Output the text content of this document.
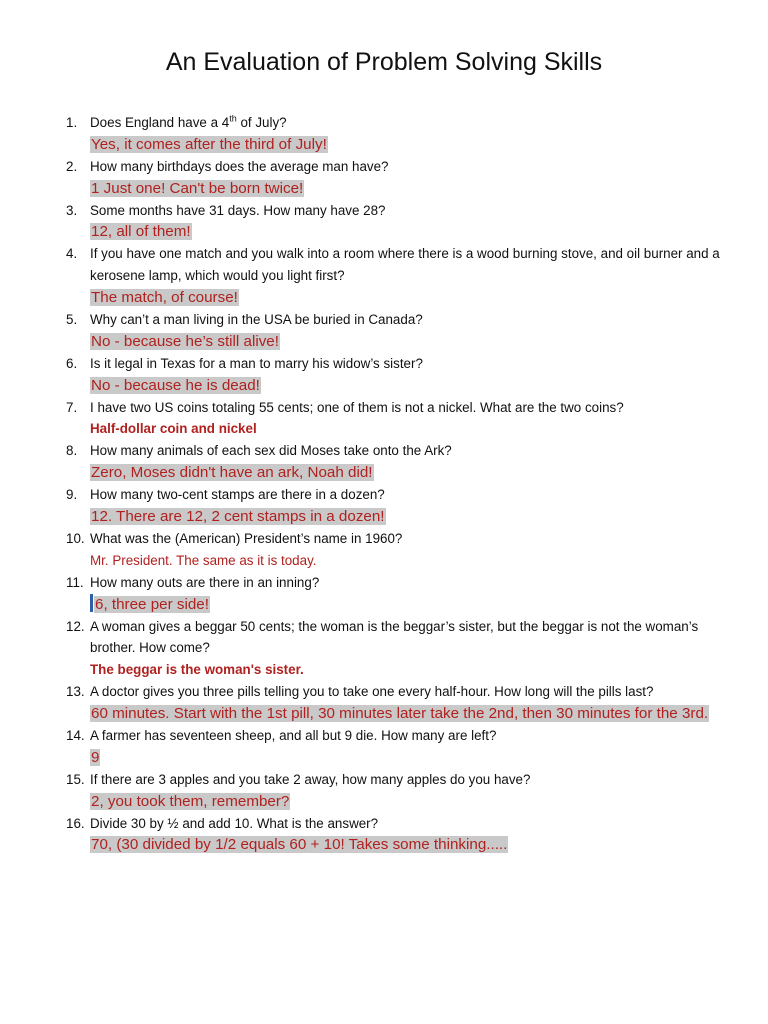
An Evaluation of Problem Solving Skills
1. Does England have a 4th of July?
Yes, it comes after the third of July!
2. How many birthdays does the average man have?
1 Just one! Can't be born twice!
3. Some months have 31 days. How many have 28?
12, all of them!
4. If you have one match and you walk into a room where there is a wood burning stove, and oil burner and a kerosene lamp, which would you light first?
The match, of course!
5. Why can’t a man living in the USA be buried in Canada?
No - because he’s still alive!
6. Is it legal in Texas for a man to marry his widow’s sister?
No - because he is dead!
7. I have two US coins totaling 55 cents; one of them is not a nickel. What are the two coins?
Half-dollar coin and nickel
8. How many animals of each sex did Moses take onto the Ark?
Zero, Moses didn't have an ark, Noah did!
9. How many two-cent stamps are there in a dozen?
12. There are 12, 2 cent stamps in a dozen!
10. What was the (American) President’s name in 1960?
Mr. President. The same as it is today.
11. How many outs are there in an inning?
6, three per side!
12. A woman gives a beggar 50 cents; the woman is the beggar’s sister, but the beggar is not the woman’s brother. How come?
The beggar is the woman's sister.
13. A doctor gives you three pills telling you to take one every half-hour. How long will the pills last?
60 minutes. Start with the 1st pill, 30 minutes later take the 2nd, then 30 minutes for the 3rd.
14. A farmer has seventeen sheep, and all but 9 die. How many are left?
9
15. If there are 3 apples and you take 2 away, how many apples do you have?
2, you took them, remember?
16. Divide 30 by ½ and add 10. What is the answer?
70, (30 divided by 1/2 equals 60 + 10! Takes some thinking.....
